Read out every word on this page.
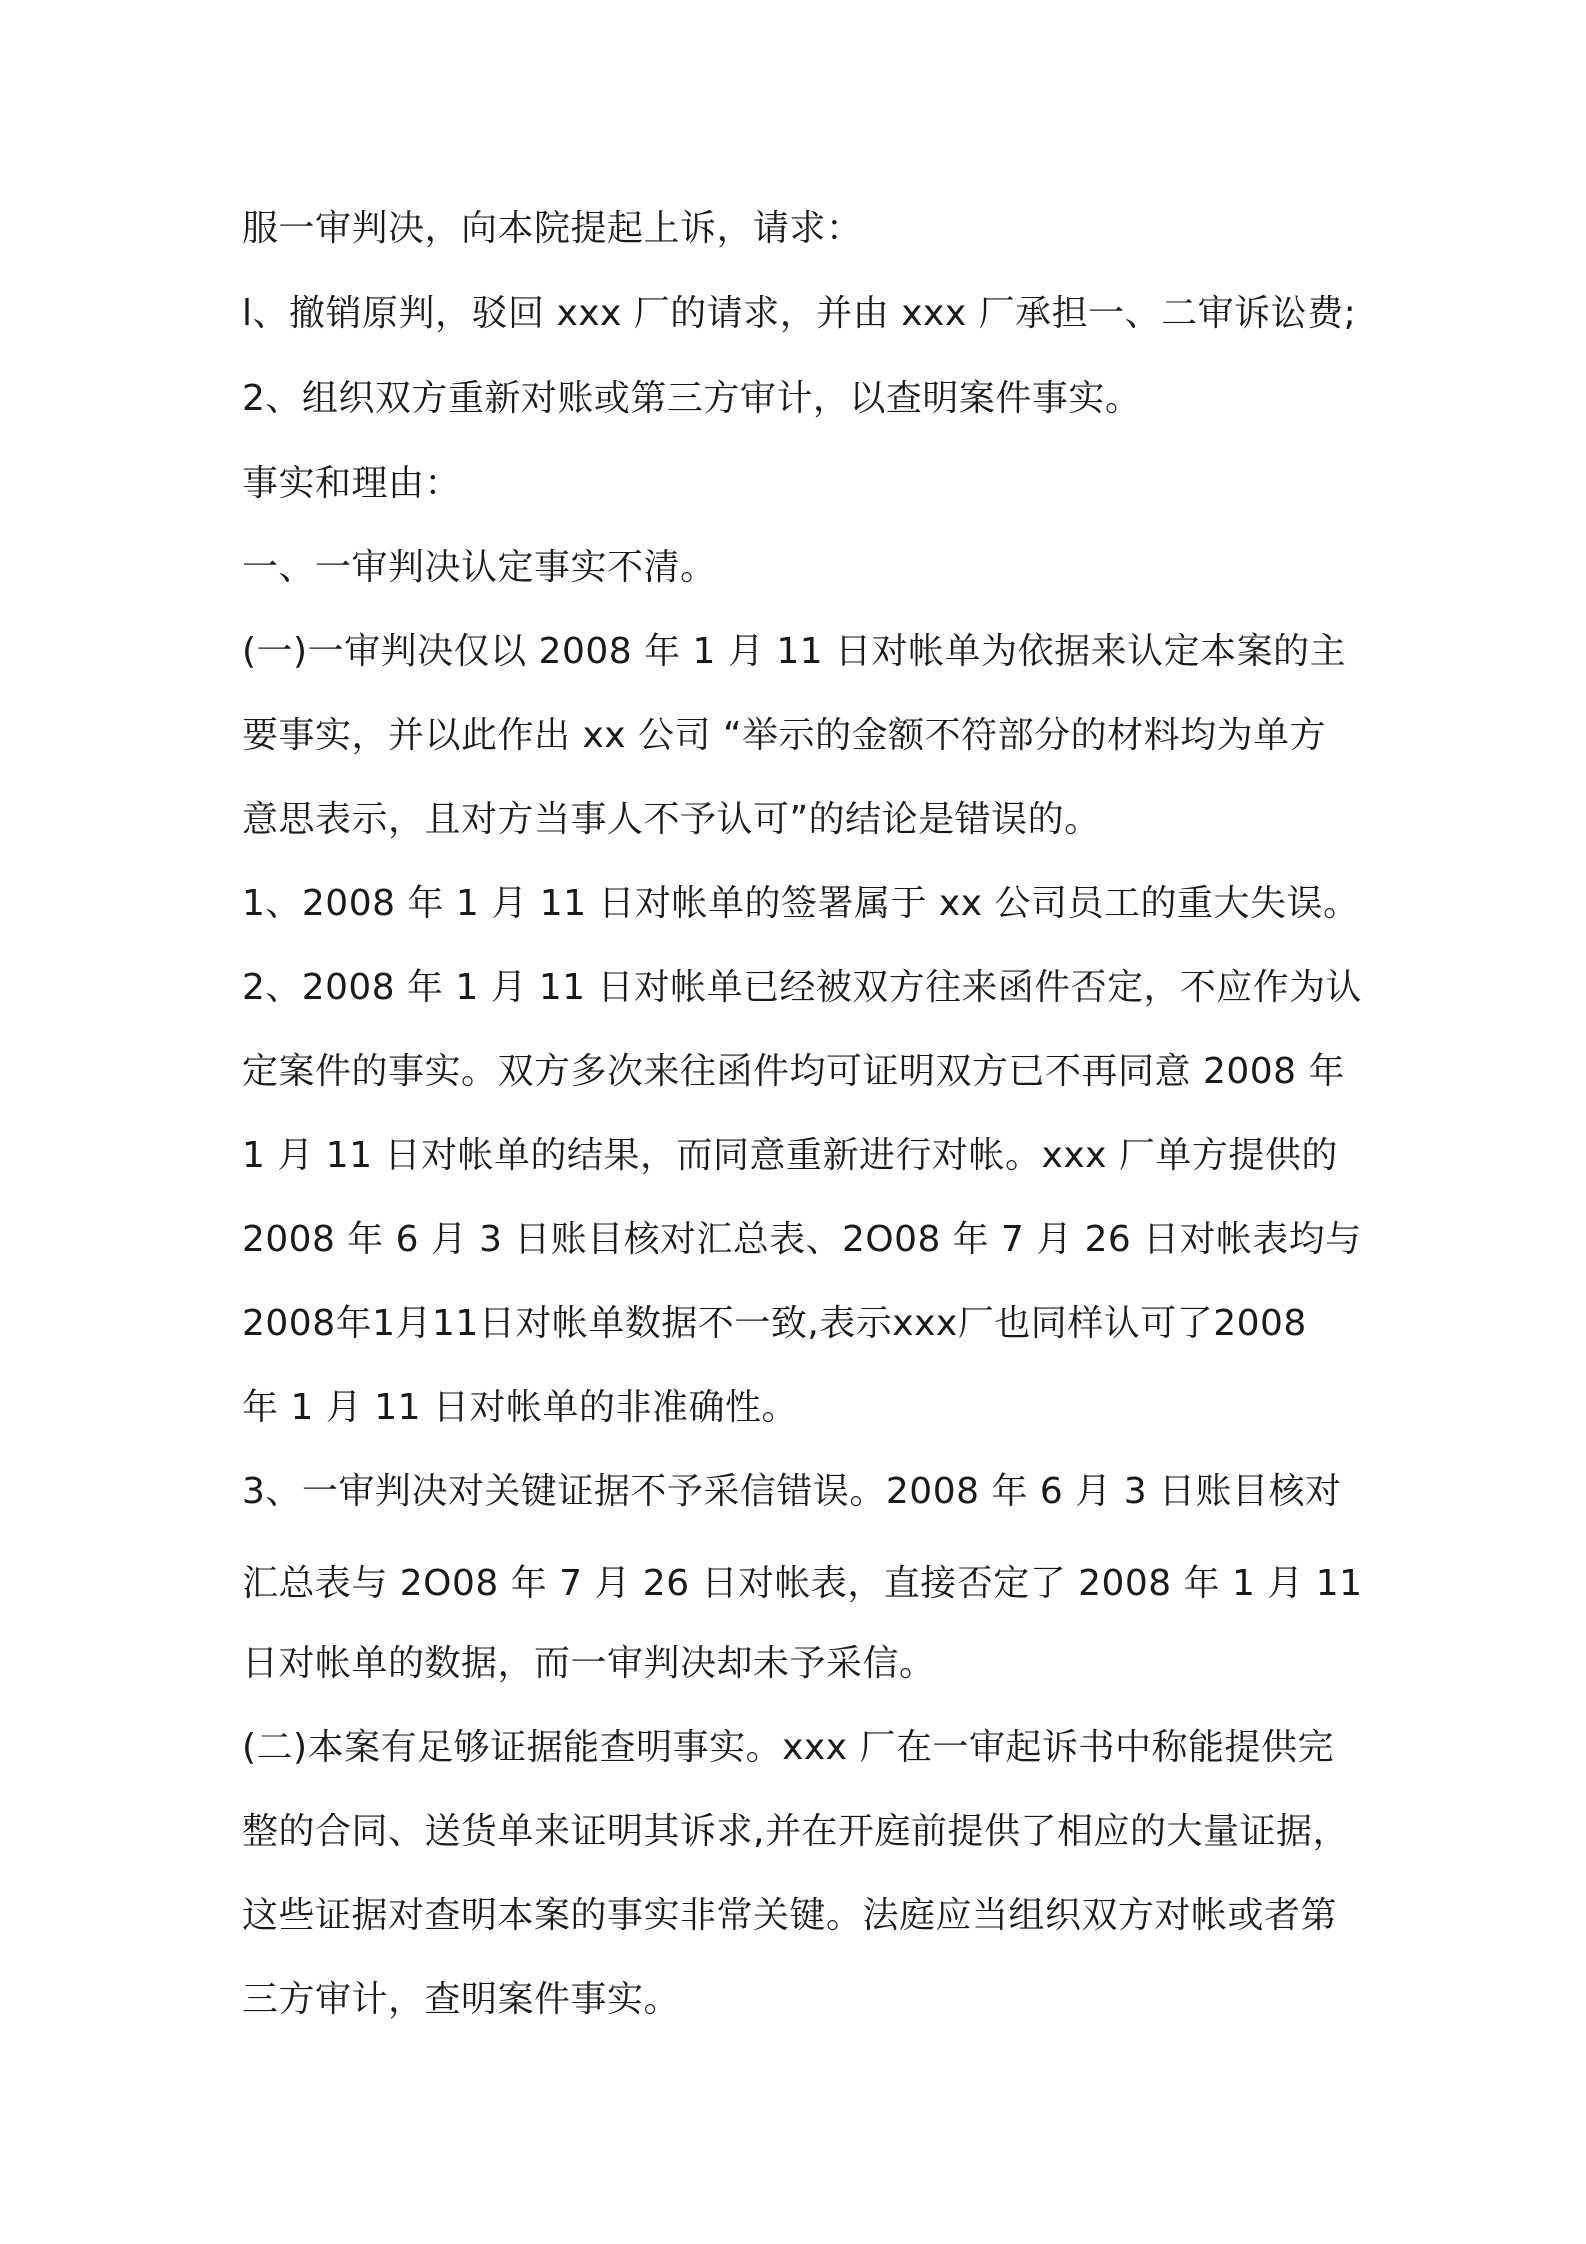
服一审判决，向本院提起上诉，请求：
l、撤销原判，驳回 xxx 厂的请求，并由 xxx 厂承担一、二审诉讼费;
2、组织双方重新对账或第三方审计，以查明案件事实。
事实和理由：
一、一审判决认定事实不清。
(一)一审判决仅以 2008 年 1 月 11 日对帐单为依据来认定本案的主
要事实，并以此作出 xx 公司 “举示的金额不符部分的材料均为单方
意思表示，且对方当事人不予认可”的结论是错误的。
1、2008 年 1 月 11 日对帐单的签署属于 xx 公司员工的重大失误。
2、2008 年 1 月 11 日对帐单已经被双方往来函件否定，不应作为认
定案件的事实。双方多次来往函件均可证明双方已不再同意 2008 年
1 月 11 日对帐单的结果，而同意重新进行对帐。xxx 厂单方提供的
2008 年 6 月 3 日账目核对汇总表、2O08 年 7 月 26 日对帐表均与
2008年1月11日对帐单数据不一致,表示xxx厂也同样认可了2008
年 1 月 11 日对帐单的非准确性。
3、一审判决对关键证据不予采信错误。2008 年 6 月 3 日账目核对
汇总表与 2O08 年 7 月 26 日对帐表，直接否定了 2008 年 1 月 11
日对帐单的数据，而一审判决却未予采信。
(二)本案有足够证据能查明事实。xxx 厂在一审起诉书中称能提供完
整的合同、送货单来证明其诉求,并在开庭前提供了相应的大量证据，
这些证据对查明本案的事实非常关键。法庭应当组织双方对帐或者第
三方审计，查明案件事实。
